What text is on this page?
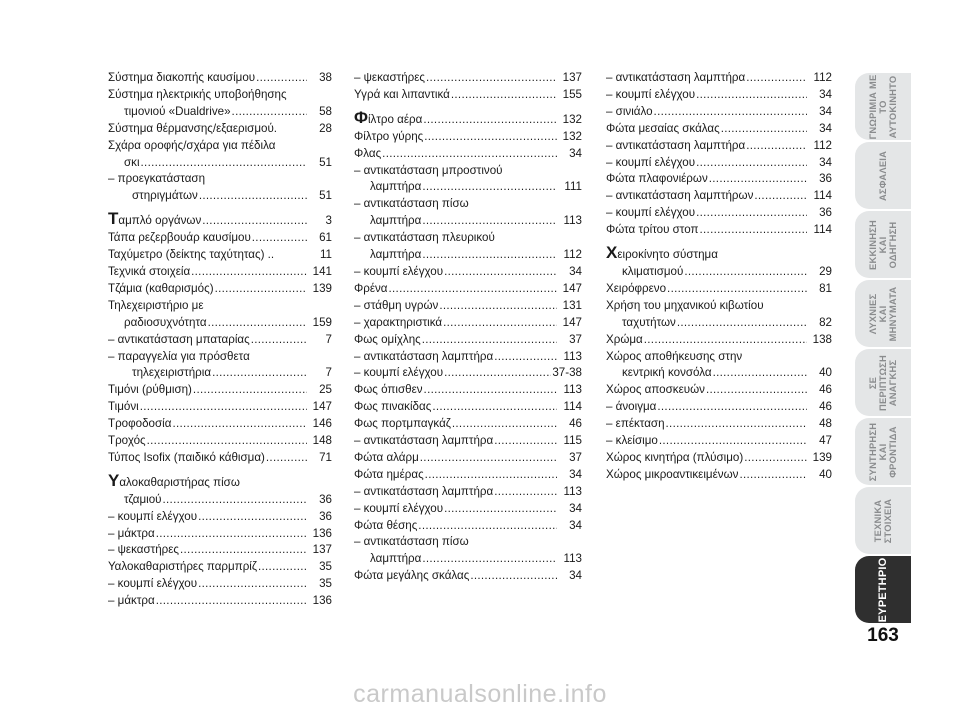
Σύστημα διακοπής καυσίμου .....	38
Σύστημα ηλεκτρικής υποβοήθησης
τιμονιού «Dualdrive» .....	58
Σύστημα θέρμανσης/εξαερισμού.	28
Σχάρα οροφής/σχάρα για πέδιλα
σκι .....	51
– προεγκατάσταση
στηριγμάτων .....	51
Ταμπλό οργάνων .....	3
Τάπα ρεζερβουάρ καυσίμου .....	61
Ταχύμετρο (δείκτης ταχύτητας) ..	11
Τεχνικά στοιχεία .....	141
Τζάμια (καθαρισμός) .....	139
Τηλεχειριστήριο με
ραδιοσυχνότητα .....	159
– αντικατάσταση μπαταρίας .....	7
– παραγγελία για πρόσθετα
τηλεχειριστήρια .....	7
Τιμόνι (ρύθμιση) .....	25
Τιμόνι .....	147
Τροφοδοσία .....	146
Τροχός .....	148
Τύπος Isofix (παιδικό κάθισμα) .....	71
Υαλοκαθαριστήρας πίσω
τζαμιού .....	36
– κουμπί ελέγχου .....	36
– μάκτρα .....	136
– ψεκαστήρες .....	137
Υαλοκαθαριστήρες παρμπρίζ .....	35
– κουμπί ελέγχου .....	35
– μάκτρα .....	136
– ψεκαστήρες .....	137
Υγρά και λιπαντικά .....	155
Φίλτρο αέρα .....	132
Φίλτρο γύρης .....	132
Φλας .....	34
– αντικατάσταση μπροστινού
λαμπτήρα .....	111
– αντικατάσταση πίσω
λαμπτήρα .....	113
– αντικατάσταση πλευρικού
λαμπτήρα .....	112
– κουμπί ελέγχου .....	34
Φρένα .....	147
– στάθμη υγρών .....	131
– χαρακτηριστικά .....	147
Φως ομίχλης .....	37
– αντικατάσταση λαμπτήρα .....	113
– κουμπί ελέγχου .....	37-38
Φως όπισθεν .....	113
Φως πινακίδας .....	114
Φως πορτμπαγκάζ .....	46
– αντικατάσταση λαμπτήρα .....	115
Φώτα αλάρμ .....	37
Φώτα ημέρας .....	34
– αντικατάσταση λαμπτήρα .....	113
– κουμπί ελέγχου .....	34
Φώτα θέσης .....	34
– αντικατάσταση πίσω
λαμπτήρα .....	113
Φώτα μεγάλης σκάλας .....	34
– αντικατάσταση λαμπτήρα .....	112
– κουμπί ελέγχου .....	34
– σινιάλο .....	34
Φώτα μεσαίας σκάλας .....	34
– αντικατάσταση λαμπτήρα .....	112
– κουμπί ελέγχου .....	34
Φώτα πλαφονιέρων .....	36
– αντικατάσταση λαμπτήρων .....	114
– κουμπί ελέγχου .....	36
Φώτα τρίτου στοπ .....	114
Χειροκίνητο σύστημα
κλιματισμού .....	29
Χειρόφρενο .....	81
Χρήση του μηχανικού κιβωτίου
ταχυτήτων .....	82
Χρώμα .....	138
Χώρος αποθήκευσης στην
κεντρική κονσόλα .....	40
Χώρος αποσκευών .....	46
– άνοιγμα .....	46
– επέκταση .....	48
– κλείσιμο .....	47
Χώρος κινητήρα (πλύσιμο) .....	139
Χώρος μικροαντικειμένων .....	40
ΓΝΩΡΙΜΙΑ ΜΕ
ΤΟ
ΑΥΤΟΚΙΝΗΤΟ
ΑΣΦΑΛΕΙΑ
ΕΚΚΙΝΗΣΗ
ΚΑΙ
ΟΔΗΓΗΣΗ
ΛΥΧΝΙΕΣ
ΚΑΙ
ΜΗΝΥΜΑΤΑ
ΣΕ
ΠΕΡΙΠΤΩΣΗ
ΑΝΑΓΚΗΣ
ΣΥΝΤΗΡΗΣΗ
ΚΑΙ
ΦΡΟΝΤΙΔΑ
ΤΕΧΝΙΚΑ
ΣΤΟΙΧΕΙΑ
ΕΥΡΕΤΗΡΙΟ
163
carmanualsonline.info
